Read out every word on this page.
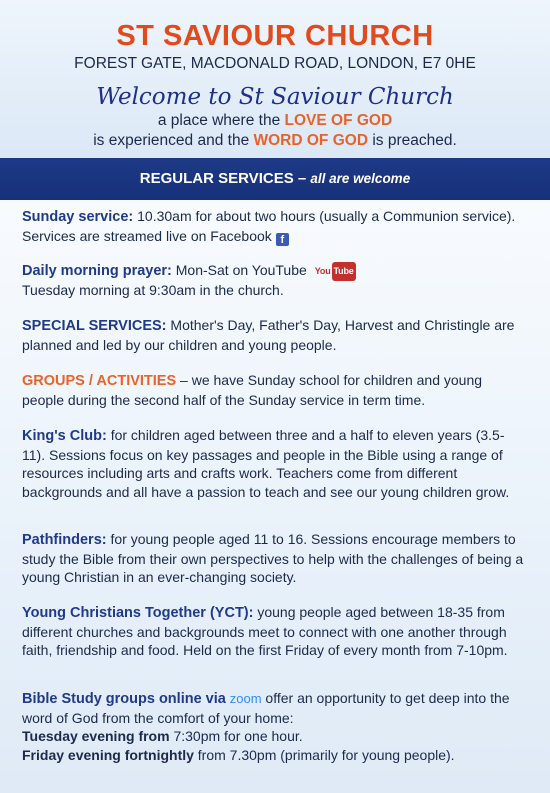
ST SAVIOUR CHURCH
FOREST GATE, MACDONALD ROAD, LONDON, E7 0HE
Welcome to St Saviour Church
a place where the LOVE OF GOD
is experienced and the WORD OF GOD is preached.
REGULAR SERVICES – all are welcome

Sunday service: 10.30am for about two hours (usually a Communion service). Services are streamed live on Facebook f

Daily morning prayer: Mon-Sat on YouTube You Tube
Tuesday morning at 9:30am in the church.

SPECIAL SERVICES: Mother's Day, Father's Day, Harvest and Christingle are planned and led by our children and young people.

GROUPS / ACTIVITIES – we have Sunday school for children and young people during the second half of the Sunday service in term time.

King's Club: for children aged between three and a half to eleven years (3.5-11). Sessions focus on key passages and people in the Bible using a range of resources including arts and crafts work. Teachers come from different backgrounds and all have a passion to teach and see our young children grow.

Pathfinders: for young people aged 11 to 16. Sessions encourage members to study the Bible from their own perspectives to help with the challenges of being a young Christian in an ever-changing society.

Young Christians Together (YCT): young people aged between 18-35 from different churches and backgrounds meet to connect with one another through faith, friendship and food. Held on the first Friday of every month from 7-10pm.

Bible Study groups online via zoom offer an opportunity to get deep into the word of God from the comfort of your home:
Tuesday evening from 7:30pm for one hour.
Friday evening fortnightly from 7.30pm (primarily for young people).
